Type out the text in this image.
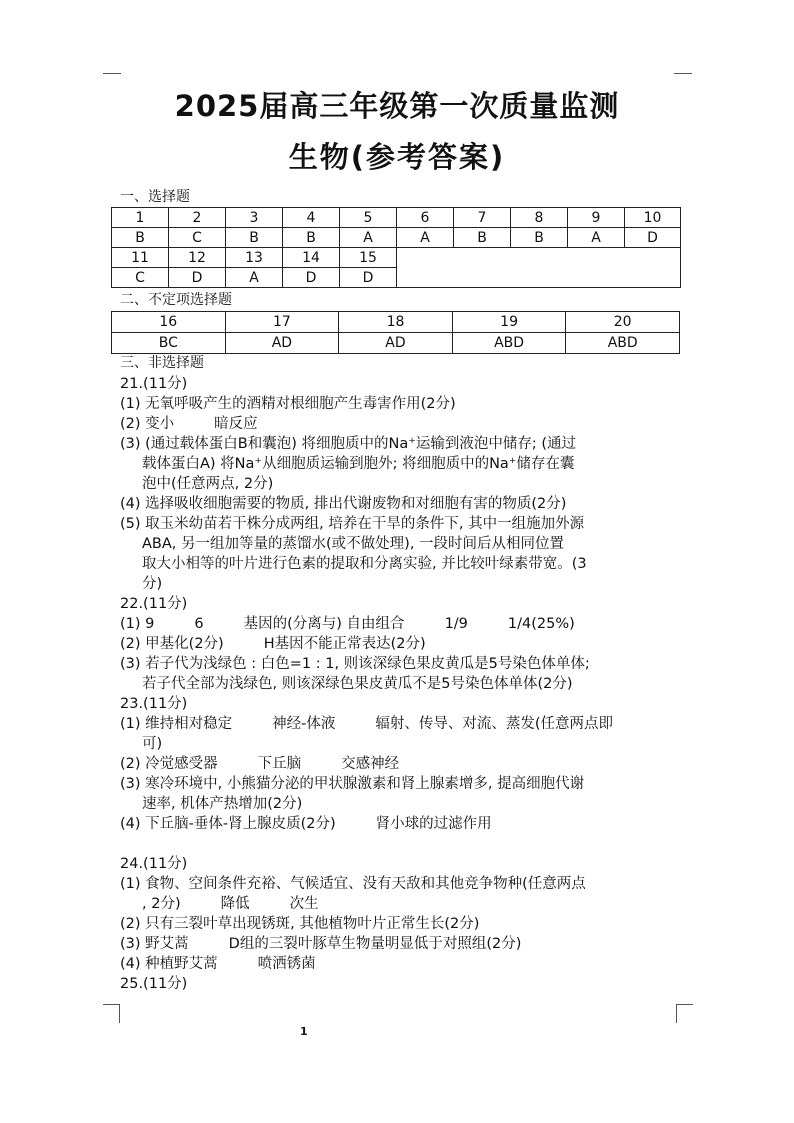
2025届高三年级第一次质量监测
生物(参考答案)
一、选择题
1	2	3	4	5	6	7	8	9	10
B	C	B	B	A	A	B	B	A	D
11	12	13	14	15					
C	D	A	D	D					
二、不定项选择题
16	17	18	19	20
BC	AD	AD	ABD	ABD
三、非选择题
21.(11分)
(1) 无氧呼吸产生的酒精对根细胞产生毒害作用(2分)
(2) 变小	暗反应
(3) (通过载体蛋白B和囊泡) 将细胞质中的Na⁺运输到液泡中储存; (通过
载体蛋白A) 将Na⁺从细胞质运输到胞外; 将细胞质中的Na⁺储存在囊
泡中(任意两点, 2分)
(4) 选择吸收细胞需要的物质, 排出代谢废物和对细胞有害的物质(2分)
(5) 取玉米幼苗若干株分成两组, 培养在干旱的条件下, 其中一组施加外源
ABA, 另一组加等量的蒸馏水(或不做处理), 一段时间后从相同位置
取大小相等的叶片进行色素的提取和分离实验, 并比较叶绿素带宽。(3
分)
22.(11分)
(1) 9	6	基因的(分离与) 自由组合	1/9	1/4(25%)
(2) 甲基化(2分)	H基因不能正常表达(2分)
(3) 若子代为浅绿色 : 白色=1 : 1, 则该深绿色果皮黄瓜是5号染色体单体;
若子代全部为浅绿色, 则该深绿色果皮黄瓜不是5号染色体单体(2分)
23.(11分)
(1) 维持相对稳定	神经-体液	辐射、传导、对流、蒸发(任意两点即
可)
(2) 冷觉感受器	下丘脑	交感神经
(3) 寒冷环境中, 小熊猫分泌的甲状腺激素和肾上腺素增多, 提高细胞代谢
速率, 机体产热增加(2分)
(4) 下丘脑-垂体-肾上腺皮质(2分)	肾小球的过滤作用
24.(11分)
(1) 食物、空间条件充裕、气候适宜、没有天敌和其他竞争物种(任意两点
, 2分)	降低	次生
(2) 只有三裂叶草出现锈斑, 其他植物叶片正常生长(2分)
(3) 野艾蒿	D组的三裂叶豚草生物量明显低于对照组(2分)
(4) 种植野艾蒿	喷洒锈菌
25.(11分)
1
